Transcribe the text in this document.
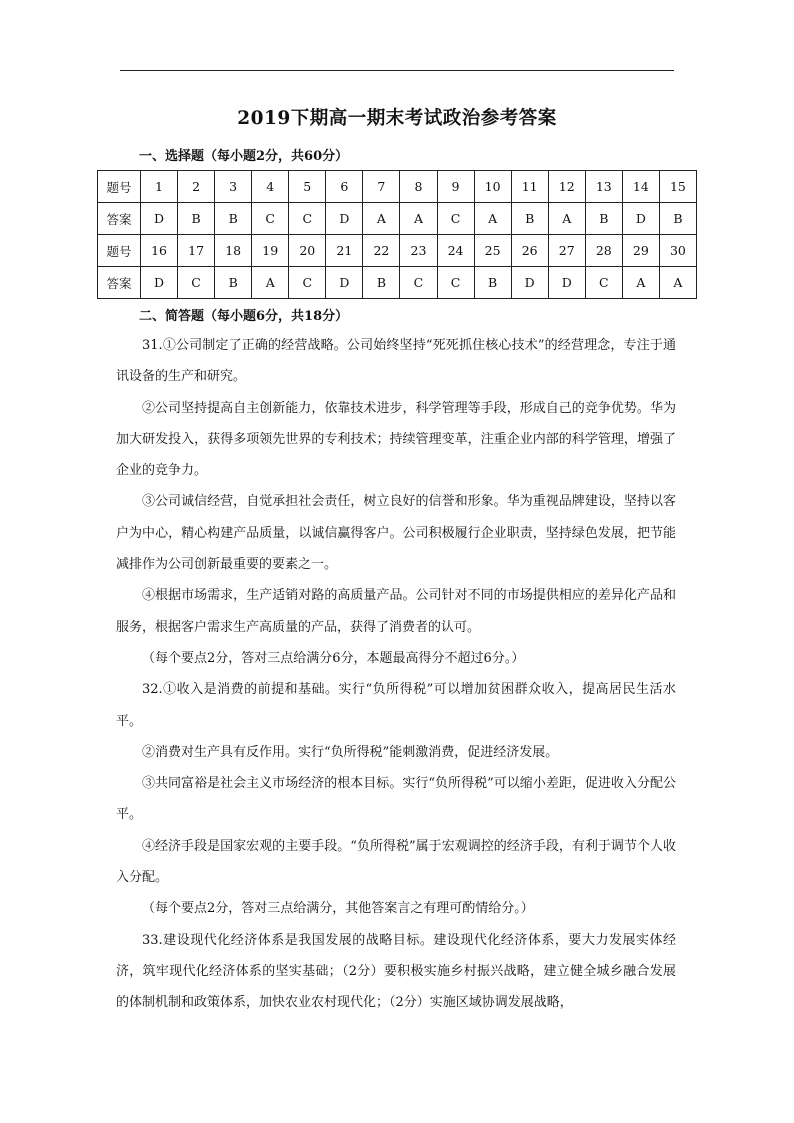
2019下期高一期末考试政治参考答案
一、选择题（每小题2分，共60分）
题号	1	2	3	4	5	6	7	8	9	10	11	12	13	14	15
答案	D	B	B	C	C	D	A	A	C	A	B	A	B	D	B
题号	16	17	18	19	20	21	22	23	24	25	26	27	28	29	30
答案	D	C	B	A	C	D	B	C	C	B	D	D	C	A	A
二、简答题（每小题6分，共18分）

31.①公司制定了正确的经营战略。公司始终坚持“死死抓住核心技术”的经营理念，专注于通讯设备的生产和研究。

②公司坚持提高自主创新能力，依靠技术进步，科学管理等手段，形成自己的竞争优势。华为加大研发投入，获得多项领先世界的专利技术；持续管理变革，注重企业内部的科学管理，增强了企业的竞争力。

③公司诚信经营，自觉承担社会责任，树立良好的信誉和形象。华为重视品牌建设，坚持以客户为中心，精心构建产品质量，以诚信赢得客户。公司积极履行企业职责，坚持绿色发展，把节能减排作为公司创新最重要的要素之一。

④根据市场需求，生产适销对路的高质量产品。公司针对不同的市场提供相应的差异化产品和服务，根据客户需求生产高质量的产品，获得了消费者的认可。

（每个要点2分，答对三点给满分6分，本题最高得分不超过6分。）

32.①收入是消费的前提和基础。实行“负所得税”可以增加贫困群众收入，提高居民生活水平。

②消费对生产具有反作用。实行“负所得税”能刺激消费，促进经济发展。

③共同富裕是社会主义市场经济的根本目标。实行“负所得税”可以缩小差距，促进收入分配公平。

④经济手段是国家宏观的主要手段。“负所得税”属于宏观调控的经济手段，有利于调节个人收入分配。

（每个要点2分，答对三点给满分，其他答案言之有理可酌情给分。）

33.建设现代化经济体系是我国发展的战略目标。建设现代化经济体系，要大力发展实体经济，筑牢现代化经济体系的坚实基础；（2分）要积极实施乡村振兴战略，建立健全城乡融合发展的体制机制和政策体系，加快农业农村现代化；（2分）实施区域协调发展战略，
